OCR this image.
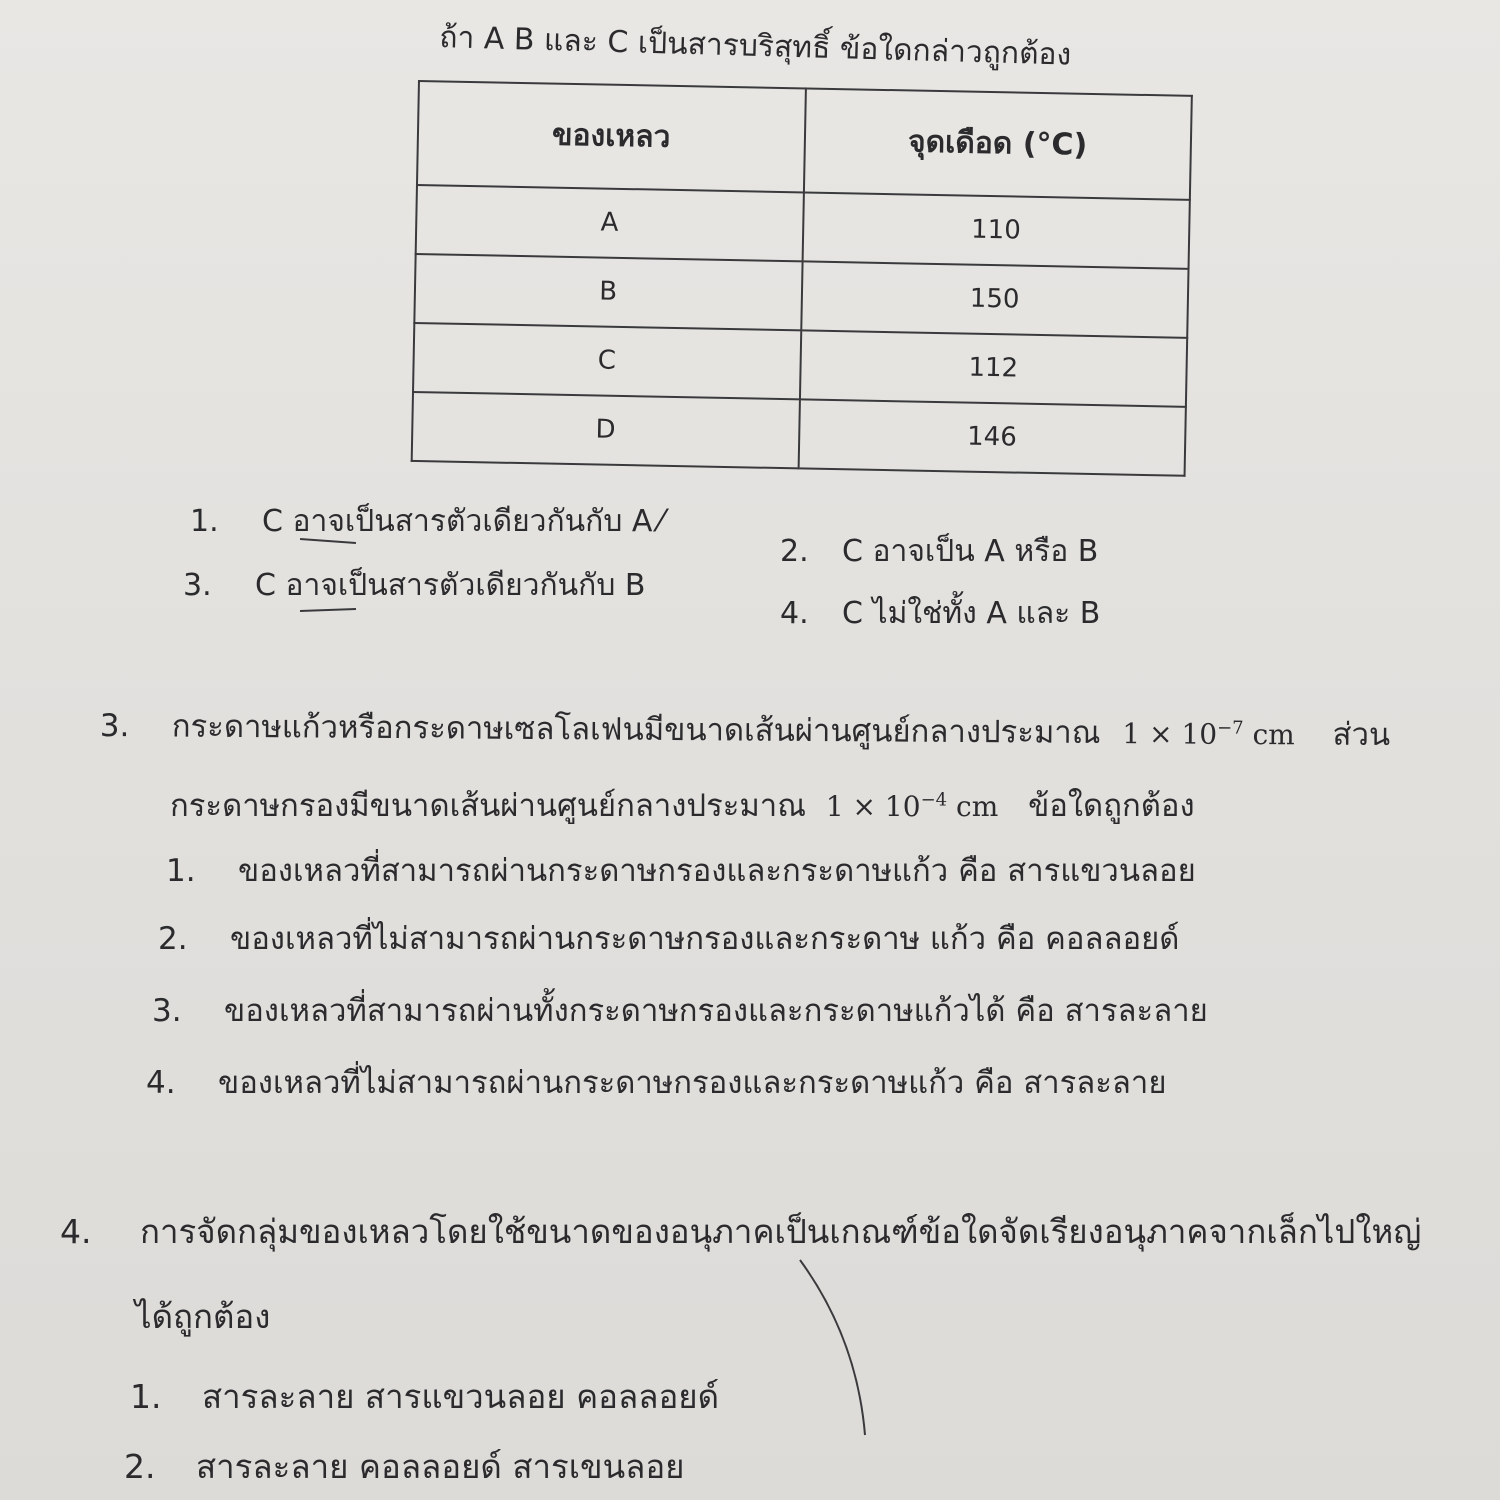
ถ้า A B และ C เป็นสารบริสุทธิ์ ข้อใดกล่าวถูกต้อง
ของเหลว	จุดเดือด (°C)
A	110
B	150
C	112
D	146
1. C อาจเป็นสารตัวเดียวกันกับ A ⁄
2. C อาจเป็น A หรือ B
3. C อาจเป็นสารตัวเดียวกันกับ B
4. C ไม่ใช่ทั้ง A และ B
3. กระดาษแก้วหรือกระดาษเซลโลเฟนมีขนาดเส้นผ่านศูนย์กลางประมาณ $1 \times 10^{-7}$ cm ส่วน
กระดาษกรองมีขนาดเส้นผ่านศูนย์กลางประมาณ $1 \times 10^{-4}$ cm ข้อใดถูกต้อง
1. ของเหลวที่สามารถผ่านกระดาษกรองและกระดาษแก้ว คือ สารแขวนลอย
2. ของเหลวที่ไม่สามารถผ่านกระดาษกรองและกระดาษ แก้ว คือ คอลลอยด์
3. ของเหลวที่สามารถผ่านทั้งกระดาษกรองและกระดาษแก้วได้ คือ สารละลาย
4. ของเหลวที่ไม่สามารถผ่านกระดาษกรองและกระดาษแก้ว คือ สารละลาย
4. การจัดกลุ่มของเหลวโดยใช้ขนาดของอนุภาคเป็นเกณฑ์ข้อใดจัดเรียงอนุภาคจากเล็กไปใหญ่
ได้ถูกต้อง
1. สารละลาย สารแขวนลอย คอลลอยด์
2. สารละลาย คอลลอยด์ สารเขนลอย
